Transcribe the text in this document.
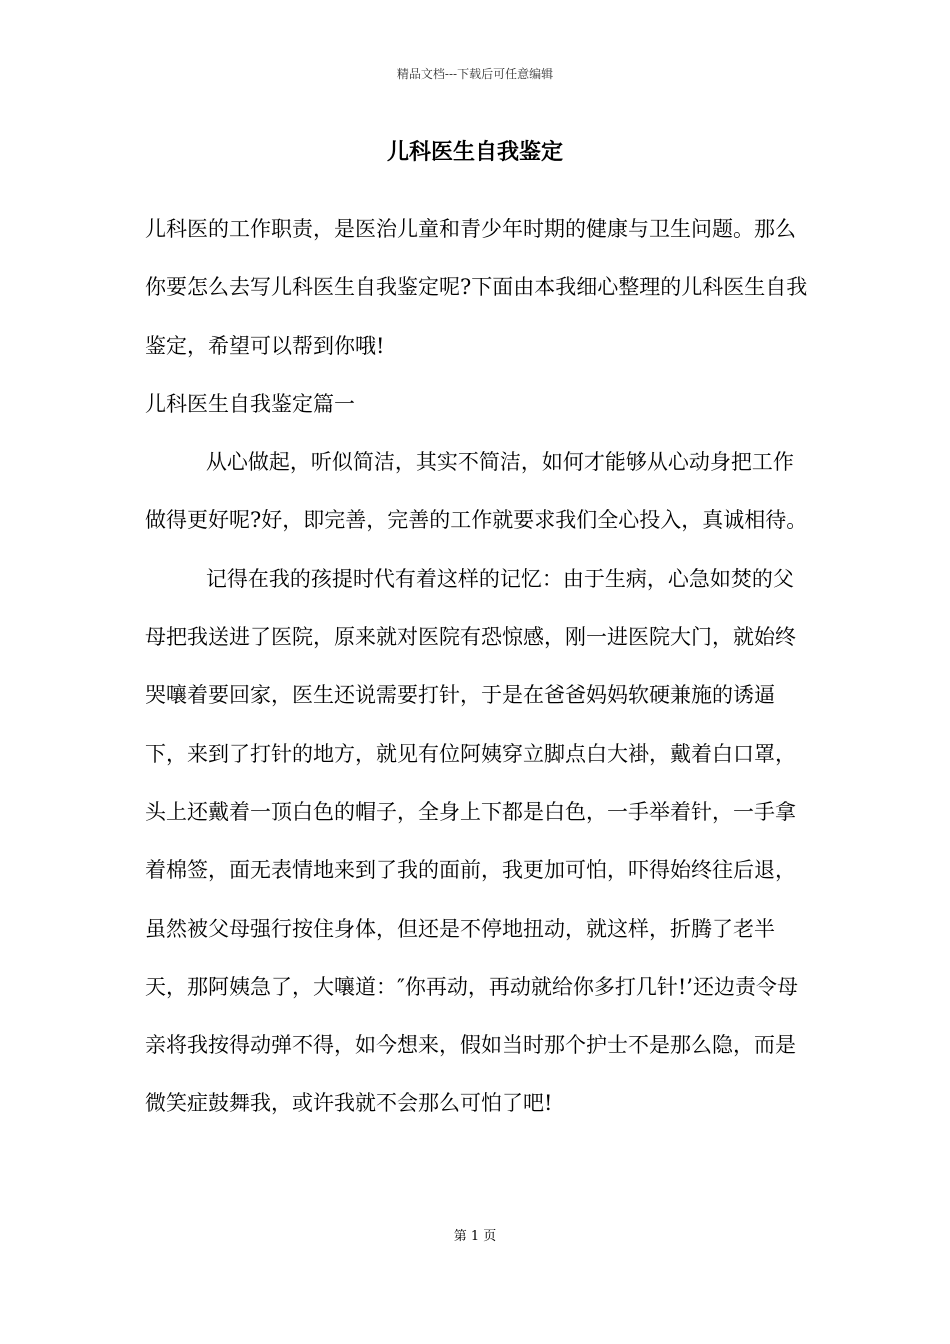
精品文档---下载后可任意编辑
儿科医生自我鉴定

儿科医的工作职责，是医治儿童和青少年时期的健康与卫生问题。那么你要怎么去写儿科医生自我鉴定呢?下面由本我细心整理的儿科医生自我鉴定，希望可以帮到你哦!

儿科医生自我鉴定篇一

从心做起，听似简洁，其实不简洁，如何才能够从心动身把工作做得更好呢?好，即完善，完善的工作就要求我们全心投入，真诚相待。

记得在我的孩提时代有着这样的记忆：由于生病，心急如焚的父母把我送进了医院，原来就对医院有恐惊感，刚一进医院大门，就始终哭嚷着要回家，医生还说需要打针，于是在爸爸妈妈软硬兼施的诱逼下，来到了打针的地方，就见有位阿姨穿立脚点白大褂，戴着白口罩，头上还戴着一顶白色的帽子，全身上下都是白色，一手举着针，一手拿着棉签，面无表情地来到了我的面前，我更加可怕，吓得始终往后退，虽然被父母强行按住身体，但还是不停地扭动，就这样，折腾了老半天，那阿姨急了，大嚷道：″你再动，再动就给你多打几针!’还边责令母亲将我按得动弹不得，如今想来，假如当时那个护士不是那么隐，而是微笑症鼓舞我，或许我就不会那么可怕了吧!

第 1 页
